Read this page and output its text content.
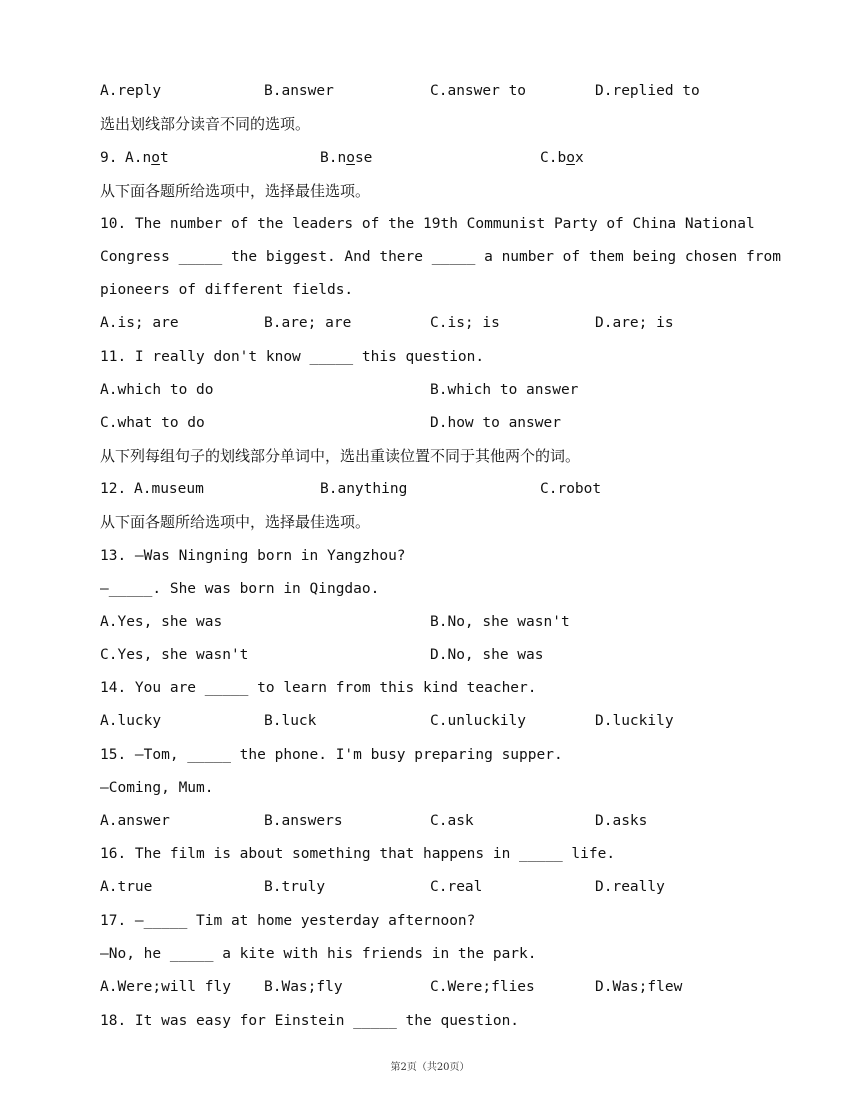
A.reply	B.answer	C.answer to	D.replied to
选出划线部分读音不同的选项。
9. A.not	B.nose	C.box
从下面各题所给选项中，选择最佳选项。
10. The number of the leaders of the 19th Communist Party of China National
Congress _____ the biggest. And there _____ a number of them being chosen from
pioneers of different fields.
A.is; are	B.are; are	C.is; is	D.are; is
11. I really don't know _____ this question.
A.which to do	B.which to answer
C.what to do	D.how to answer
从下列每组句子的划线部分单词中，选出重读位置不同于其他两个的词。
12. A.museum	B.anything	C.robot
从下面各题所给选项中，选择最佳选项。
13. —Was Ningning born in Yangzhou?
—_____. She was born in Qingdao.
A.Yes, she was	B.No, she wasn't
C.Yes, she wasn't	D.No, she was
14. You are _____ to learn from this kind teacher.
A.lucky	B.luck	C.unluckily	D.luckily
15. —Tom, _____ the phone. I'm busy preparing supper.
—Coming, Mum.
A.answer	B.answers	C.ask	D.asks
16. The film is about something that happens in _____ life.
A.true	B.truly	C.real	D.really
17. —_____ Tim at home yesterday afternoon?
—No, he _____ a kite with his friends in the park.
A.Were;will fly B.Was;fly	C.Were;flies	D.Was;flew
18. It was easy for Einstein _____ the question.
第2页（共20页）
